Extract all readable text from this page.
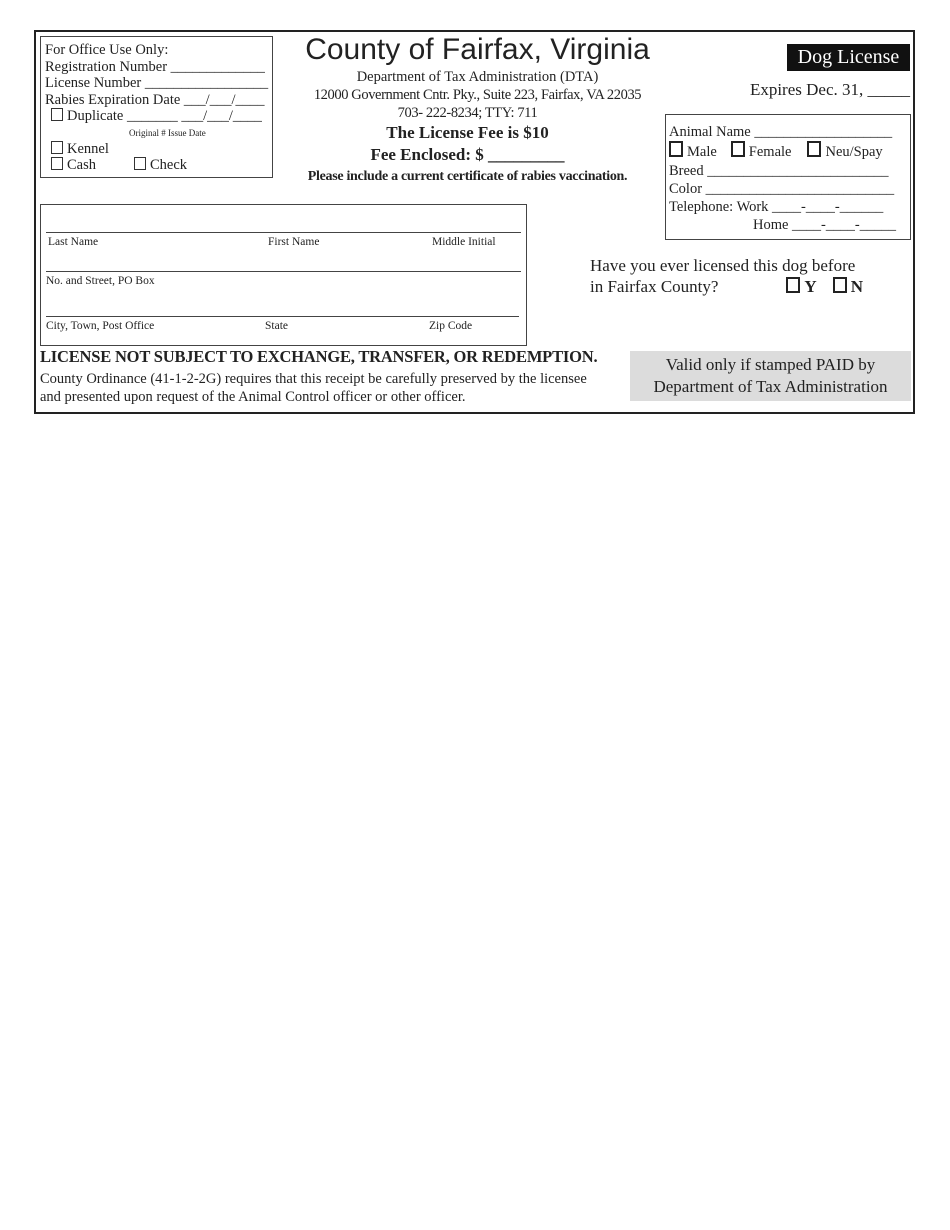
For Office Use Only:
Registration Number _____________
License Number _________________
Rabies Expiration Date ___/___/____
Duplicate _______ ___/___/____
Original # Issue Date
Kennel
Cash	Check
County of Fairfax, Virginia
Department of Tax Administration (DTA)
12000 Government Cntr. Pky., Suite 223, Fairfax, VA 22035
703- 222-8234; TTY: 711
The License Fee is $10
Fee Enclosed: $ _________
Please include a current certificate of rabies vaccination.
Dog License
Expires Dec. 31, _____
Animal Name ___________________
Male Female Neu/Spay
Breed _________________________
Color __________________________
Telephone: Work ____-____-______
Home ____-____-_____
Last Name	First Name	Middle Initial
No. and Street, PO Box
City, Town, Post Office	State	Zip Code
Have you ever licensed this dog before
in Fairfax County?	Y N
LICENSE NOT SUBJECT TO EXCHANGE, TRANSFER, OR REDEMPTION.
County Ordinance (41-1-2-2G) requires that this receipt be carefully preserved by the licensee
and presented upon request of the Animal Control officer or other officer.
Valid only if stamped PAID by
Department of Tax Administration
